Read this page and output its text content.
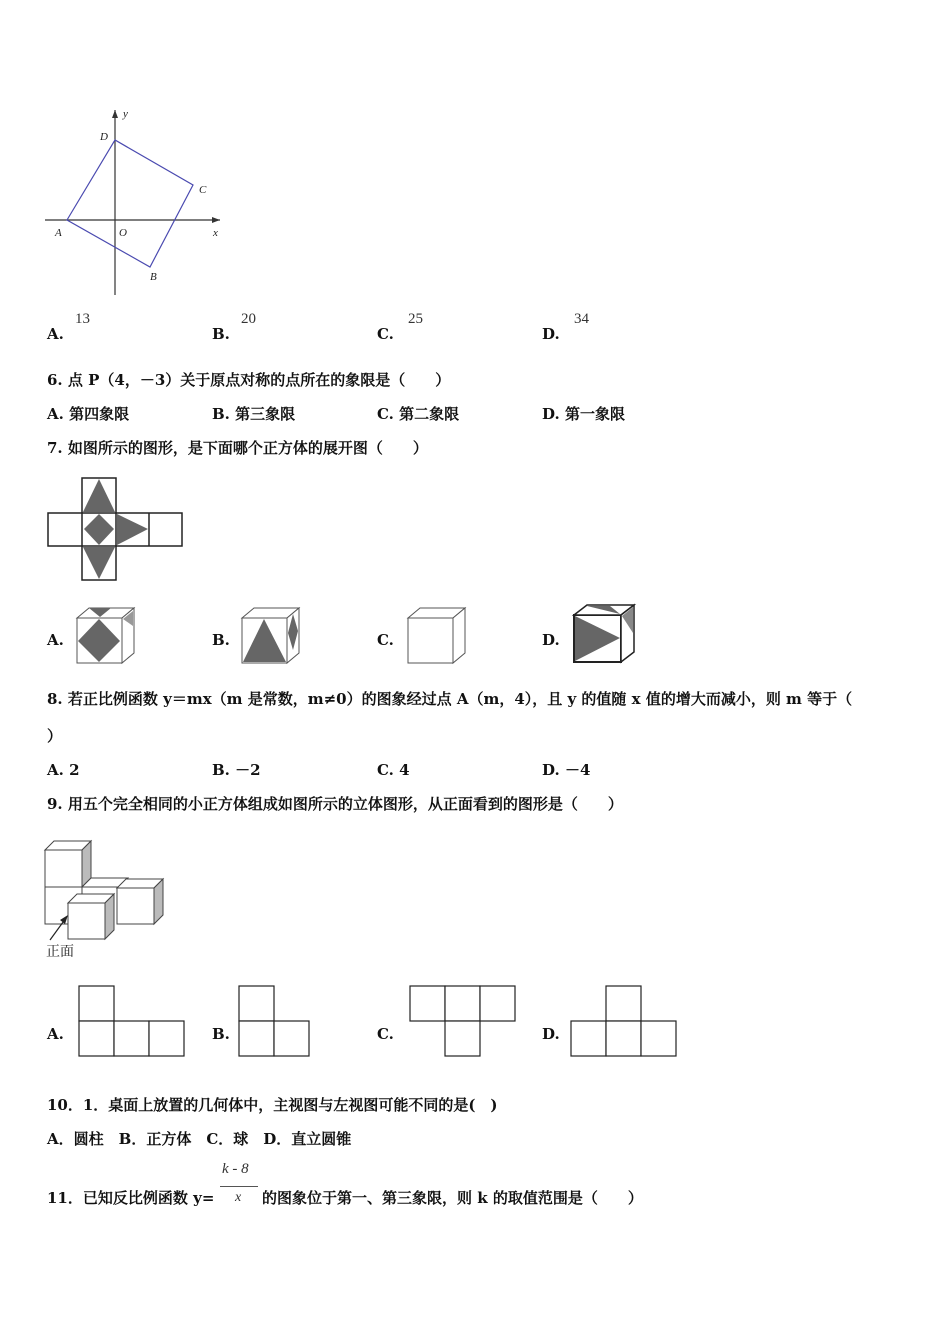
y
x
O
A
B
C
D
A.
13
B.
20
C.
25
D.
34
6. 点 P（4，－3）关于原点对称的点所在的象限是（　　）
A. 第四象限	B. 第三象限	C. 第二象限	D. 第一象限
7. 如图所示的图形，是下面哪个正方体的展开图（　　）
A.	B.	C.	D.
8. 若正比例函数 y＝mx（m 是常数，m≠0）的图象经过点 A（m，4），且 y 的值随 x 值的增大而减小，则 m 等于（
）
A. 2	B. －2	C. 4	D. －4
9. 用五个完全相同的小正方体组成如图所示的立体图形，从正面看到的图形是（　　）
正面
A.	B.	C.	D.
10．1．桌面上放置的几何体中，主视图与左视图可能不同的是(　)
A．圆柱　B．正方体　C．球　D．直立圆锥
11．已知反比例函数 y=
k - 8
x 的图象位于第一、第三象限，则 k 的取值范围是（　　）
